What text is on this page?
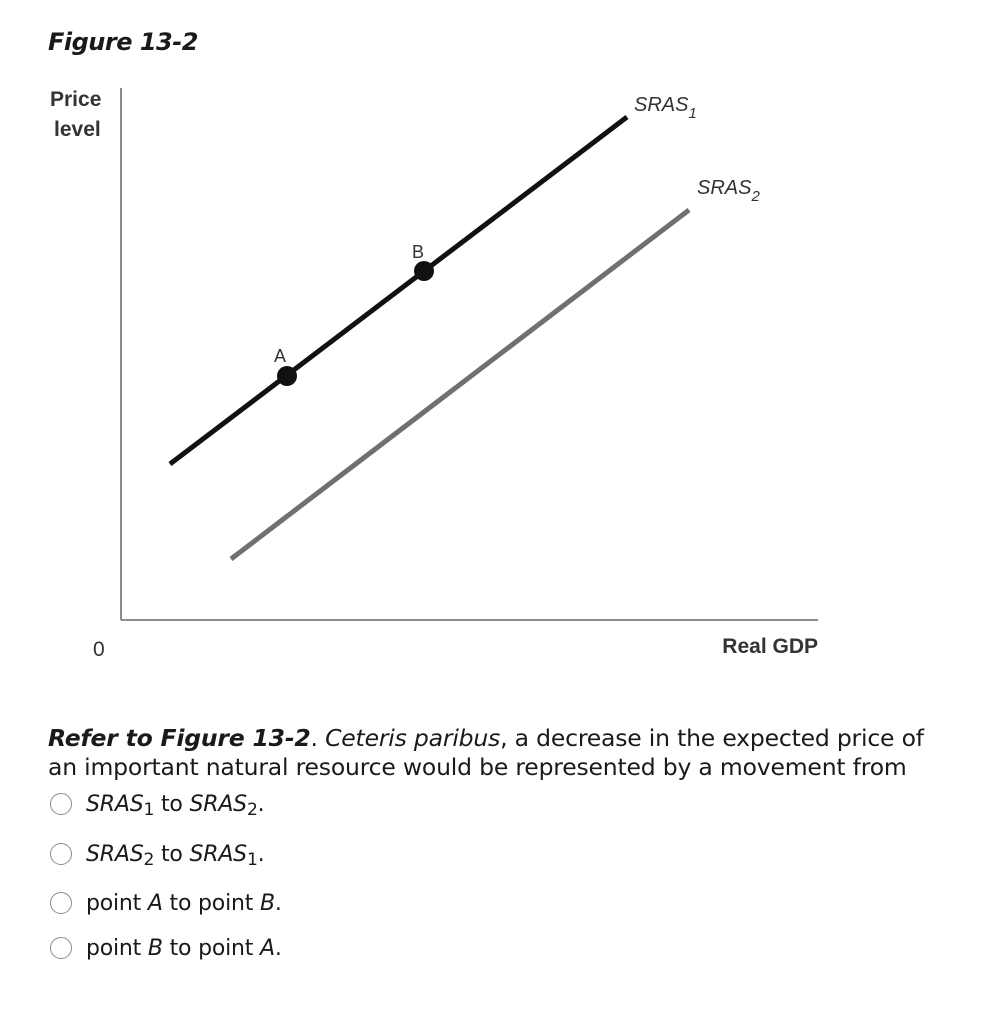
Figure 13-2
Price
level
0	Real GDP
$SRAS_1$
$SRAS_2$
A
B
Refer to Figure 13-2. Ceteris paribus, a decrease in the expected price of an important natural resource would be represented by a movement from
$SRAS_1$ to $SRAS_2$.
$SRAS_2$ to $SRAS_1$.
point A to point B.
point B to point A.
